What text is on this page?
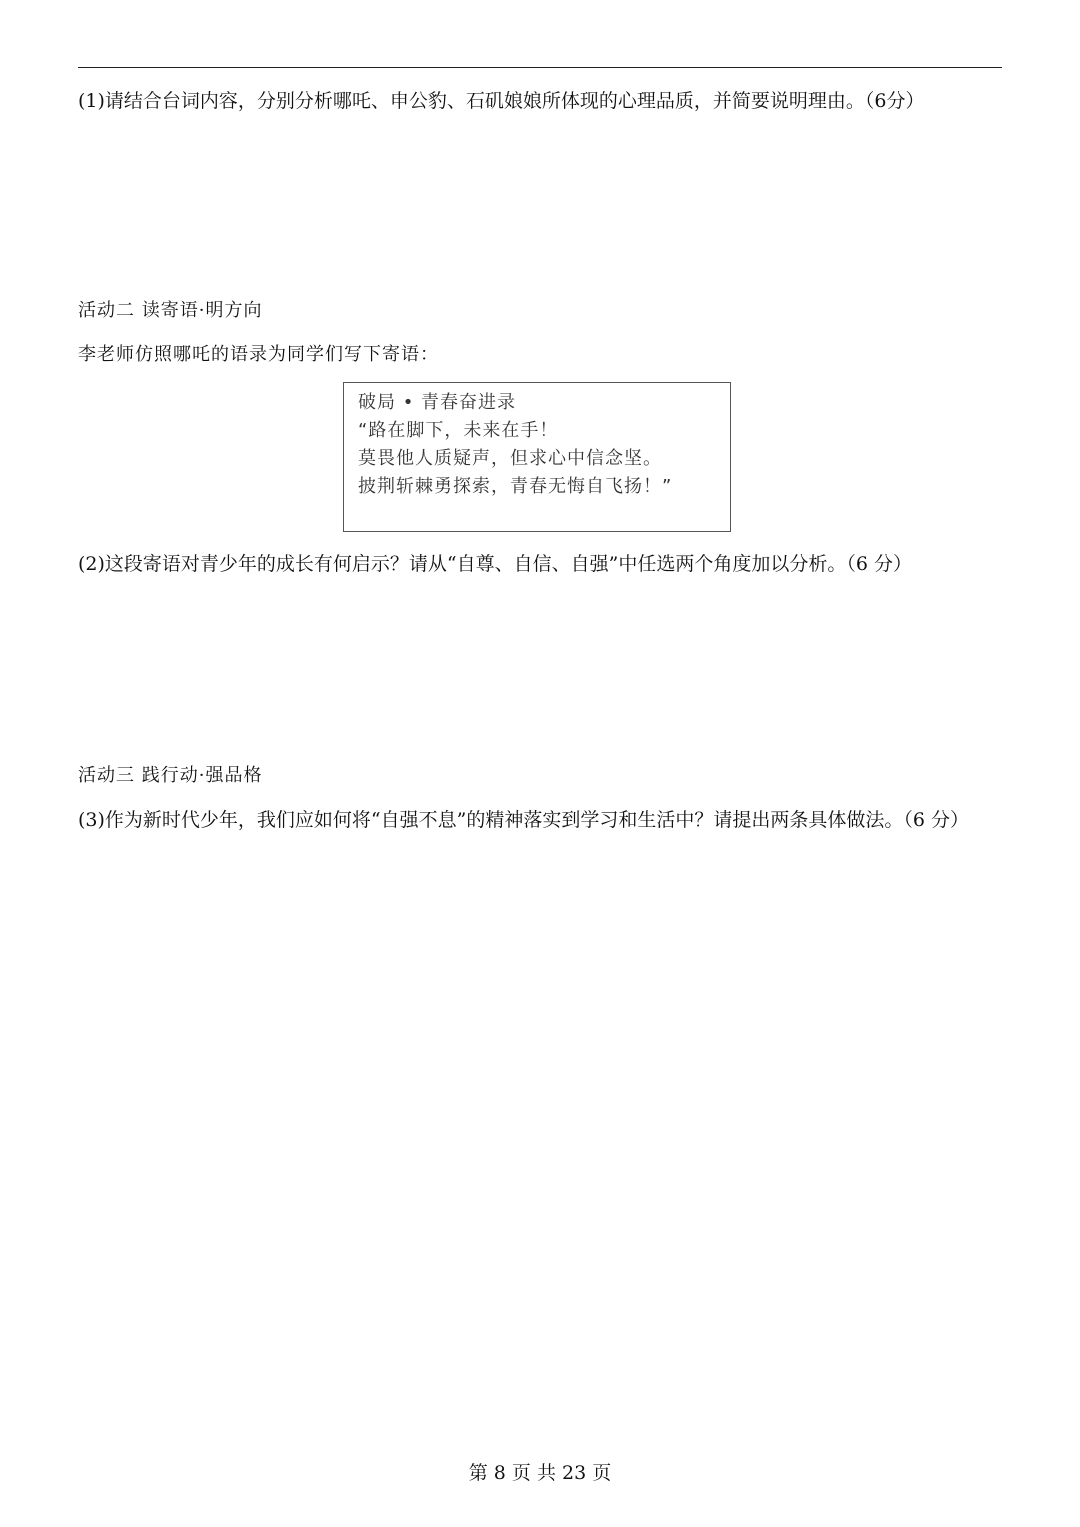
(1)请结合台词内容，分别分析哪吒、申公豹、石矶娘娘所体现的心理品质，并简要说明理由。（6分）
活动二 读寄语·明方向
李老师仿照哪吒的语录为同学们写下寄语：
破局 • 青春奋进录
“路在脚下，未来在手！
莫畏他人质疑声，但求心中信念坚。
披荆斩棘勇探索，青春无悔自飞扬！”
(2)这段寄语对青少年的成长有何启示？请从“自尊、自信、自强”中任选两个角度加以分析。（6 分）
活动三 践行动·强品格
(3)作为新时代少年，我们应如何将“自强不息”的精神落实到学习和生活中？请提出两条具体做法。（6 分）
第 8 页 共 23 页
